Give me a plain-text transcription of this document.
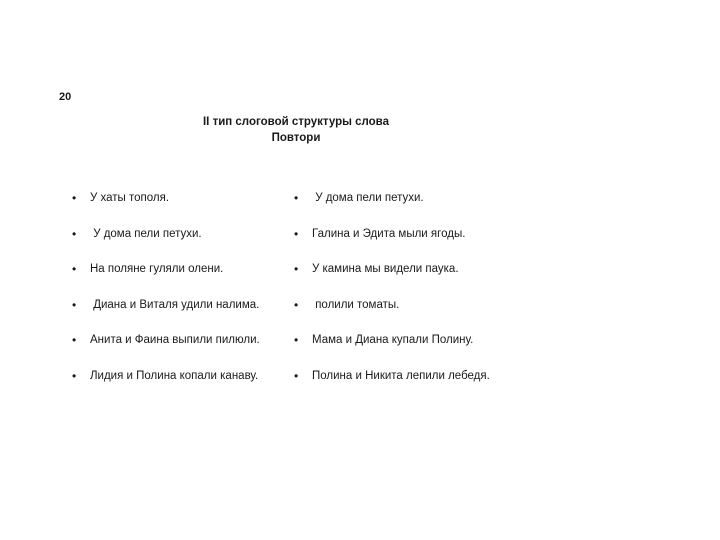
20
II тип слоговой структуры слова
Повтори
• У хаты тополя.
• У дома пели петухи.
• На поляне гуляли олени.
• Диана и Виталя удили налима.
• Анита и Фаина выпили пилюли.
• Лидия и Полина копали канаву.
• У дома пели петухи.
• Галина и Эдита мыли ягоды.
• У камина мы видели паука.
• полили томаты.
• Мама и Диана купали Полину.
• Полина и Никита лепили лебедя.
